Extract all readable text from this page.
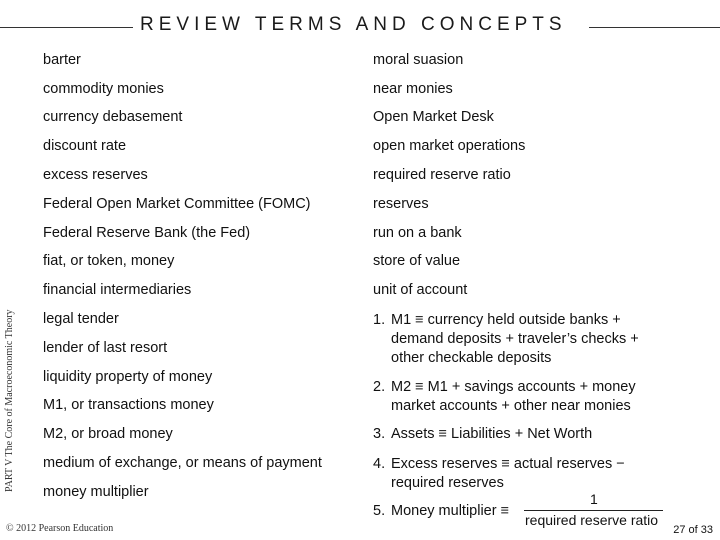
REVIEW TERMS AND CONCEPTS
PART V The Core of Macroeconomic Theory
barter
commodity monies
currency debasement
discount rate
excess reserves
Federal Open Market Committee (FOMC)
Federal Reserve Bank (the Fed)
fiat, or token, money
financial intermediaries
legal tender
lender of last resort
liquidity property of money
M1, or transactions money
M2, or broad money
medium of exchange, or means of payment
money multiplier
moral suasion
near monies
Open Market Desk
open market operations
required reserve ratio
reserves
run on a bank
store of value
unit of account
1. M1 ≡ currency held outside banks +
demand deposits + traveler’s checks +
other checkable deposits
2. M2 ≡ M1 + savings accounts + money
market accounts + other near monies
3. Assets ≡ Liabilities + Net Worth
4. Excess reserves ≡ actual reserves −
required reserves
5. Money multiplier ≡
1
required reserve ratio
© 2012 Pearson Education	27 of 33
